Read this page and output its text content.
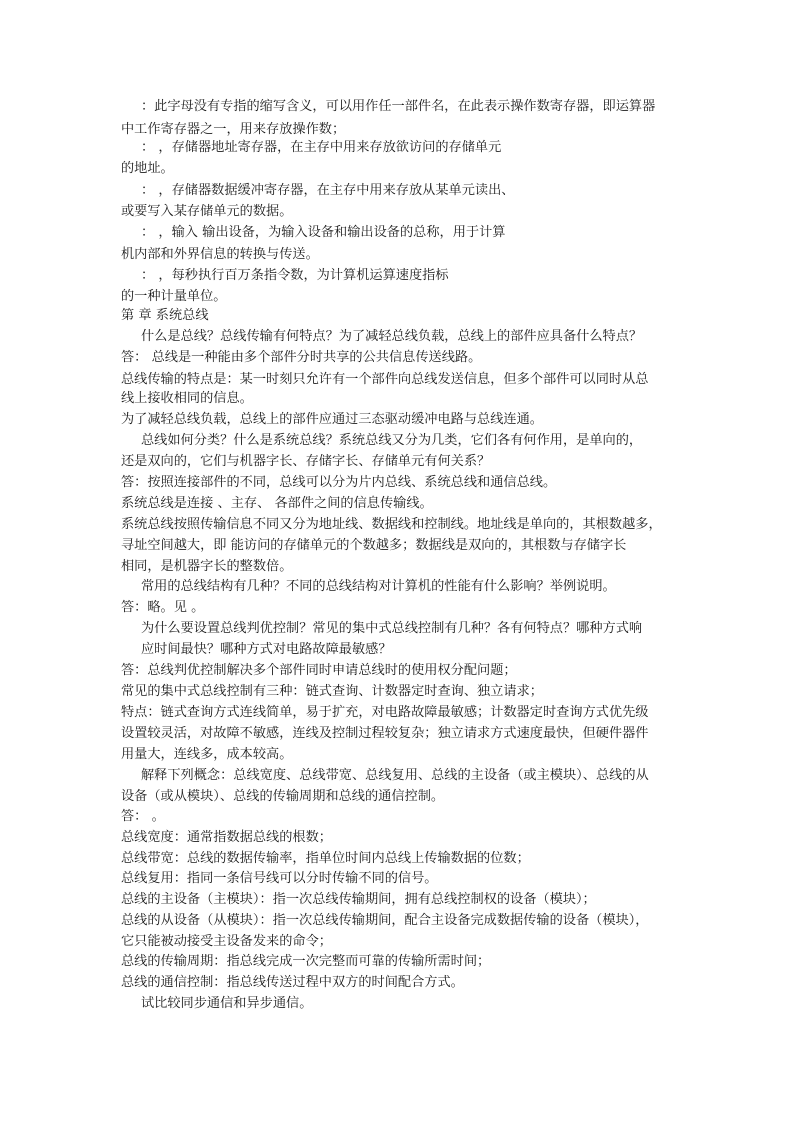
：此字母没有专指的缩写含义，可以用作任一部件名，在此表示操作数寄存器，即运算器
中工作寄存器之一，用来存放操作数；
： ，存储器地址寄存器，在主存中用来存放欲访问的存储单元
的地址。
： ，存储器数据缓冲寄存器，在主存中用来存放从某单元读出、
或要写入某存储单元的数据。
： ，输入 输出设备，为输入设备和输出设备的总称，用于计算
机内部和外界信息的转换与传送。
： ，每秒执行百万条指令数，为计算机运算速度指标
的一种计量单位。
第 章 系统总线
什么是总线？总线传输有何特点？为了减轻总线负载，总线上的部件应具备什么特点？
答： 总线是一种能由多个部件分时共享的公共信息传送线路。
总线传输的特点是：某一时刻只允许有一个部件向总线发送信息，但多个部件可以同时从总
线上接收相同的信息。
为了减轻总线负载，总线上的部件应通过三态驱动缓冲电路与总线连通。
总线如何分类？什么是系统总线？系统总线又分为几类，它们各有何作用，是单向的，
还是双向的，它们与机器字长、存储字长、存储单元有何关系？
答：按照连接部件的不同，总线可以分为片内总线、系统总线和通信总线。
系统总线是连接 、主存、 各部件之间的信息传输线。
系统总线按照传输信息不同又分为地址线、数据线和控制线。地址线是单向的，其根数越多，
寻址空间越大，即 能访问的存储单元的个数越多；数据线是双向的，其根数与存储字长
相同，是机器字长的整数倍。
常用的总线结构有几种？不同的总线结构对计算机的性能有什么影响？举例说明。
答：略。见 。
为什么要设置总线判优控制？常见的集中式总线控制有几种？各有何特点？哪种方式响
应时间最快？哪种方式对电路故障最敏感？
答：总线判优控制解决多个部件同时申请总线时的使用权分配问题；
常见的集中式总线控制有三种：链式查询、计数器定时查询、独立请求；
特点：链式查询方式连线简单，易于扩充，对电路故障最敏感；计数器定时查询方式优先级
设置较灵活，对故障不敏感，连线及控制过程较复杂；独立请求方式速度最快，但硬件器件
用量大，连线多，成本较高。
解释下列概念：总线宽度、总线带宽、总线复用、总线的主设备（或主模块）、总线的从
设备（或从模块）、总线的传输周期和总线的通信控制。
答： 。
总线宽度：通常指数据总线的根数；
总线带宽：总线的数据传输率，指单位时间内总线上传输数据的位数；
总线复用：指同一条信号线可以分时传输不同的信号。
总线的主设备（主模块）：指一次总线传输期间，拥有总线控制权的设备（模块）；
总线的从设备（从模块）：指一次总线传输期间，配合主设备完成数据传输的设备（模块），
它只能被动接受主设备发来的命令；
总线的传输周期：指总线完成一次完整而可靠的传输所需时间；
总线的通信控制：指总线传送过程中双方的时间配合方式。
试比较同步通信和异步通信。
